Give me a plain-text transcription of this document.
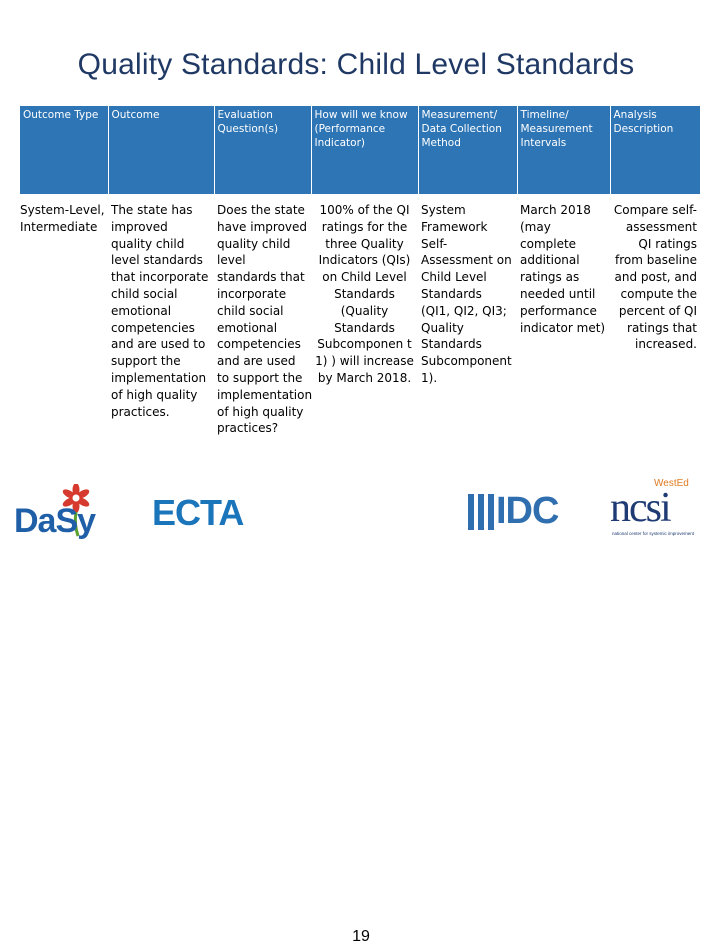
Quality Standards: Child Level Standards
Outcome Type	Outcome	Evaluation Question(s)	How will we know (Performance Indicator)	Measurement/ Data Collection Method	Timeline/ Measurement Intervals	Analysis Description

System-Level, Intermediate	The state has improved quality child level standards that incorporate child social emotional competencies and are used to support the implementation of high quality practices.	Does the state have improved quality child level standards that incorporate child social emotional competencies and are used to support the implementation of high quality practices?	100% of the QI ratings for the three Quality Indicators (QIs) on Child Level Standards (Quality Standards Subcomponen t 1) ) will increase by March 2018.	System Framework Self-Assessment on Child Level Standards (QI1, QI2, QI3; Quality Standards Subcomponent 1).	March 2018 (may complete additional ratings as needed until performance indicator met)	Compare self-assessment QI ratings from baseline and post, and compute the percent of QI ratings that increased.
DaSy ECTA
19
IDC
WestEd
ncsi
national center for systemic improvement
